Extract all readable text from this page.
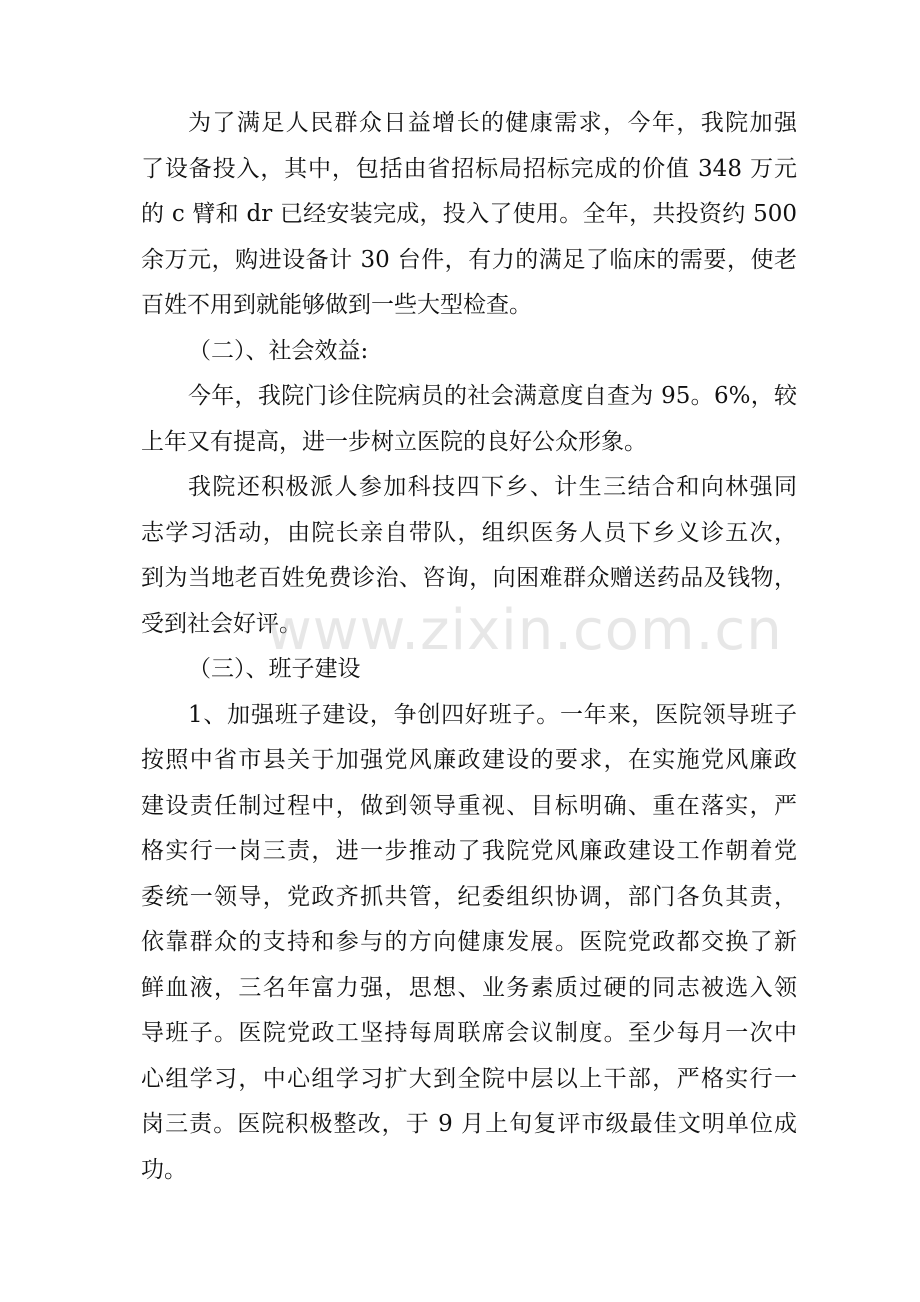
为了满足人民群众日益增长的健康需求，今年，我院加强
了设备投入，其中，包括由省招标局招标完成的价值 348 万元
的 c 臂和 dr 已经安装完成，投入了使用。全年，共投资约 500
余万元，购进设备计 30 台件，有力的满足了临床的需要，使老
百姓不用到就能够做到一些大型检查。
（二）、社会效益:
今年，我院门诊住院病员的社会满意度自查为 95。6%，较
上年又有提高，进一步树立医院的良好公众形象。
我院还积极派人参加科技四下乡、计生三结合和向林强同
志学习活动，由院长亲自带队，组织医务人员下乡义诊五次，
到为当地老百姓免费诊治、咨询，向困难群众赠送药品及钱物，
受到社会好评。
（三）、班子建设
1、加强班子建设，争创四好班子。一年来，医院领导班子
按照中省市县关于加强党风廉政建设的要求，在实施党风廉政
建设责任制过程中，做到领导重视、目标明确、重在落实，严
格实行一岗三责，进一步推动了我院党风廉政建设工作朝着党
委统一领导，党政齐抓共管，纪委组织协调，部门各负其责，
依靠群众的支持和参与的方向健康发展。医院党政都交换了新
鲜血液，三名年富力强，思想、业务素质过硬的同志被选入领
导班子。医院党政工坚持每周联席会议制度。至少每月一次中
心组学习，中心组学习扩大到全院中层以上干部，严格实行一
岗三责。医院积极整改，于 9 月上旬复评市级最佳文明单位成
功。
www.zixin.com.cn
